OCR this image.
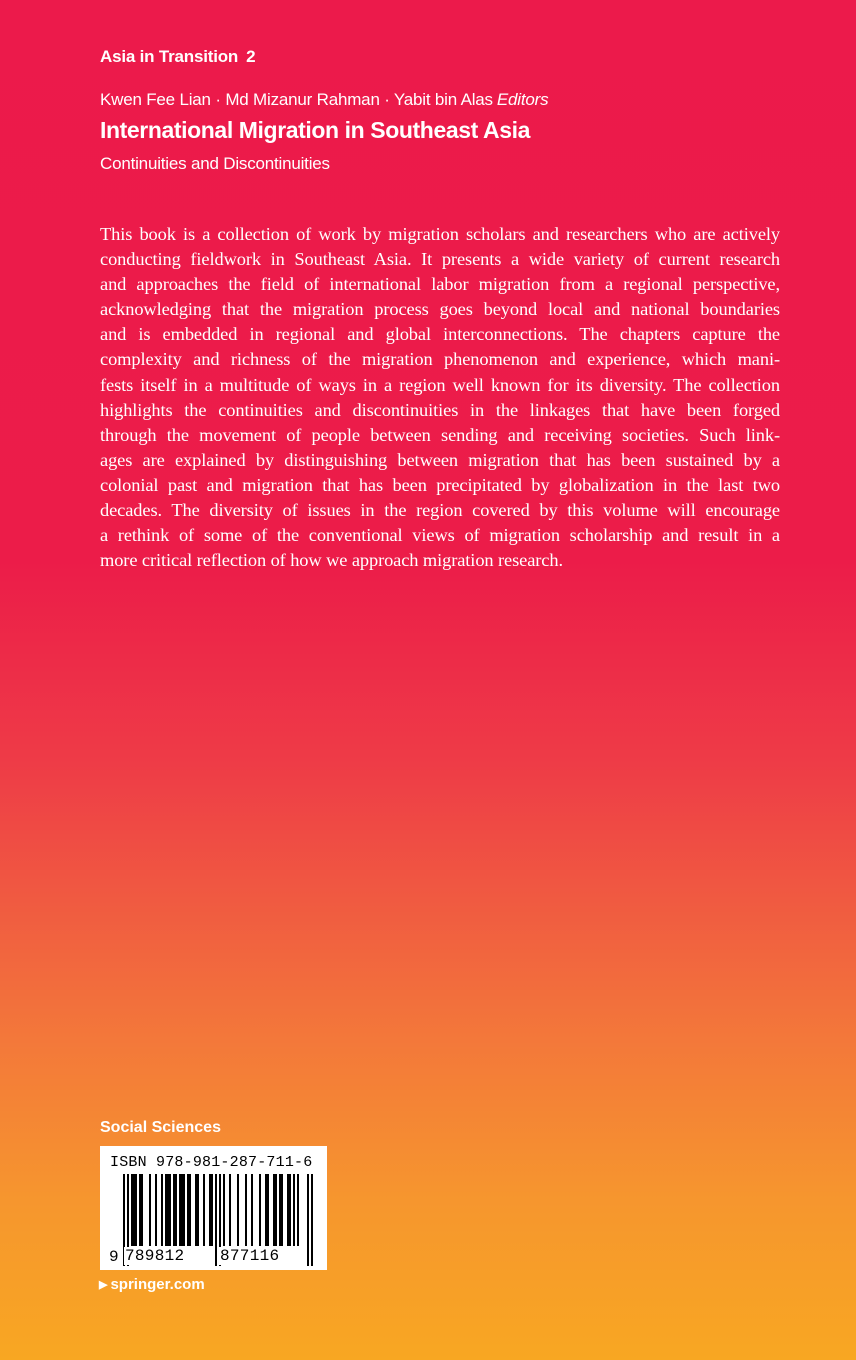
Asia in Transition 2
Kwen Fee Lian · Md Mizanur Rahman · Yabit bin Alas Editors
International Migration in Southeast Asia
Continuities and Discontinuities

This book is a collection of work by migration scholars and researchers who are actively

conducting fieldwork in Southeast Asia. It presents a wide variety of current research

and approaches the field of international labor migration from a regional perspective,

acknowledging that the migration process goes beyond local and national boundaries

and is embedded in regional and global interconnections. The chapters capture the

complexity and richness of the migration phenomenon and experience, which mani-

fests itself in a multitude of ways in a region well known for its diversity. The collection

highlights the continuities and discontinuities in the linkages that have been forged

through the movement of people between sending and receiving societies. Such link-

ages are explained by distinguishing between migration that has been sustained by a

colonial past and migration that has been precipitated by globalization in the last two

decades. The diversity of issues in the region covered by this volume will encourage

a rethink of some of the conventional views of migration scholarship and result in a

more critical reflection of how we approach migration research.

Social Sciences
ISBN 978-981-287-711-6
9 789812 877116
▶ springer.com
